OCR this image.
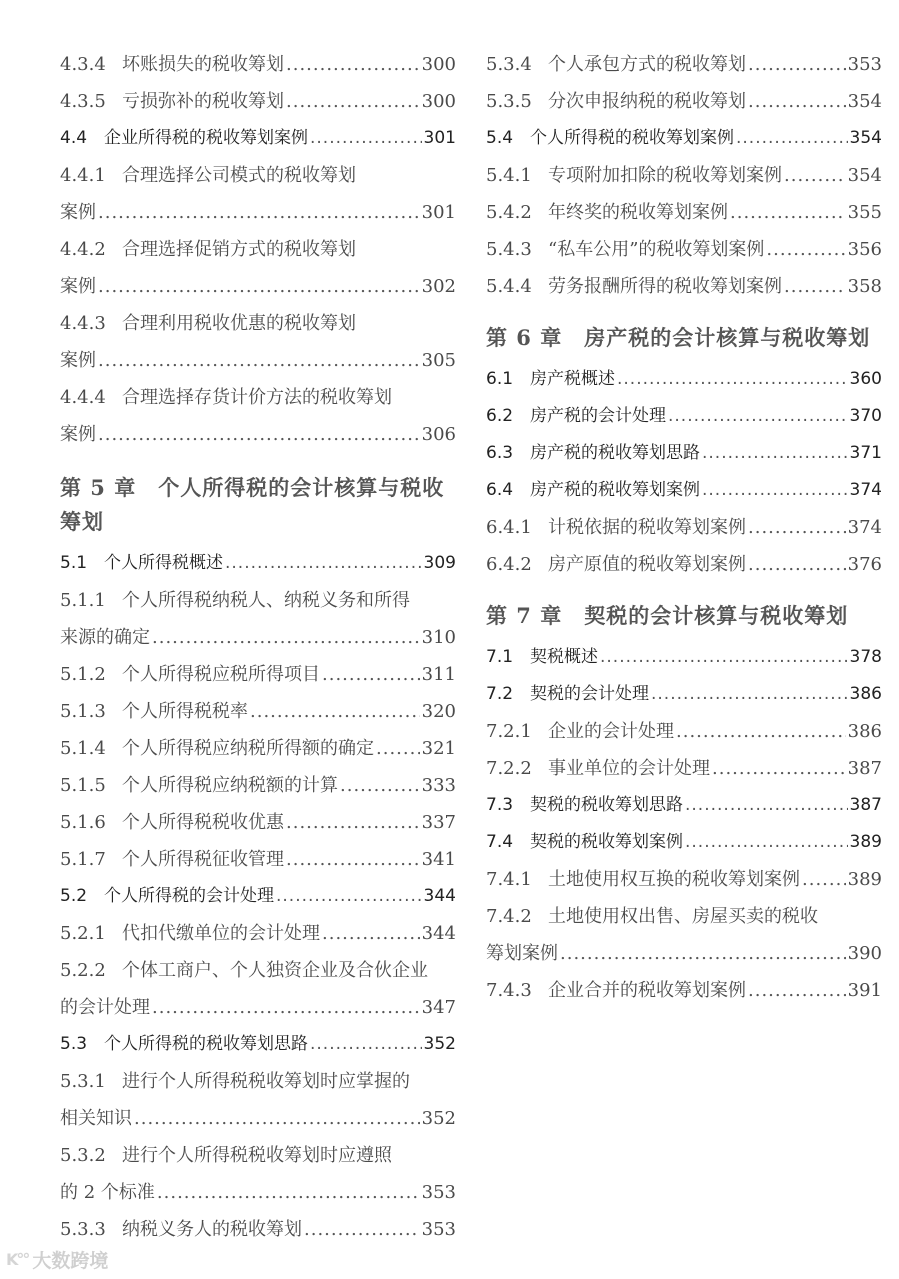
4.3.4 坏账损失的税收筹划 .....	300
4.3.5 亏损弥补的税收筹划 .....	300
4.4 企业所得税的税收筹划案例 .....	301
4.4.1 合理选择公司模式的税收筹划
案例 .....	301
4.4.2 合理选择促销方式的税收筹划
案例 .....	302
4.4.3 合理利用税收优惠的税收筹划
案例 .....	305
4.4.4 合理选择存货计价方法的税收筹划
案例 .....	306
第 5 章 个人所得税的会计核算与税收
筹划
5.1 个人所得税概述 .....	309
5.1.1 个人所得税纳税人、纳税义务和所得
来源的确定 .....	310
5.1.2 个人所得税应税所得项目 .....	311
5.1.3 个人所得税税率 .....	320
5.1.4 个人所得税应纳税所得额的确定 .....	321
5.1.5 个人所得税应纳税额的计算 .....	333
5.1.6 个人所得税税收优惠 .....	337
5.1.7 个人所得税征收管理 .....	341
5.2 个人所得税的会计处理 .....	344
5.2.1 代扣代缴单位的会计处理 .....	344
5.2.2 个体工商户、个人独资企业及合伙企业
的会计处理 .....	347
5.3 个人所得税的税收筹划思路 .....	352
5.3.1 进行个人所得税税收筹划时应掌握的
相关知识 .....	352
5.3.2 进行个人所得税税收筹划时应遵照
的 2 个标准 .....	353
5.3.3 纳税义务人的税收筹划 .....	353
5.3.4 个人承包方式的税收筹划 .....	353
5.3.5 分次申报纳税的税收筹划 .....	354
5.4 个人所得税的税收筹划案例 .....	354
5.4.1 专项附加扣除的税收筹划案例 .....	354
5.4.2 年终奖的税收筹划案例 .....	355
5.4.3 “私车公用”的税收筹划案例 .....	356
5.4.4 劳务报酬所得的税收筹划案例 .....	358
第 6 章 房产税的会计核算与税收筹划
6.1 房产税概述 .....	360
6.2 房产税的会计处理 .....	370
6.3 房产税的税收筹划思路 .....	371
6.4 房产税的税收筹划案例 .....	374
6.4.1 计税依据的税收筹划案例 .....	374
6.4.2 房产原值的税收筹划案例 .....	376
第 7 章 契税的会计核算与税收筹划
7.1 契税概述 .....	378
7.2 契税的会计处理 .....	386
7.2.1 企业的会计处理 .....	386
7.2.2 事业单位的会计处理 .....	387
7.3 契税的税收筹划思路 .....	387
7.4 契税的税收筹划案例 .....	389
7.4.1 土地使用权互换的税收筹划案例 .....	389
7.4.2 土地使用权出售、房屋买卖的税收
筹划案例 .....	390
7.4.3 企业合并的税收筹划案例 .....	391
K°° 大数跨境
